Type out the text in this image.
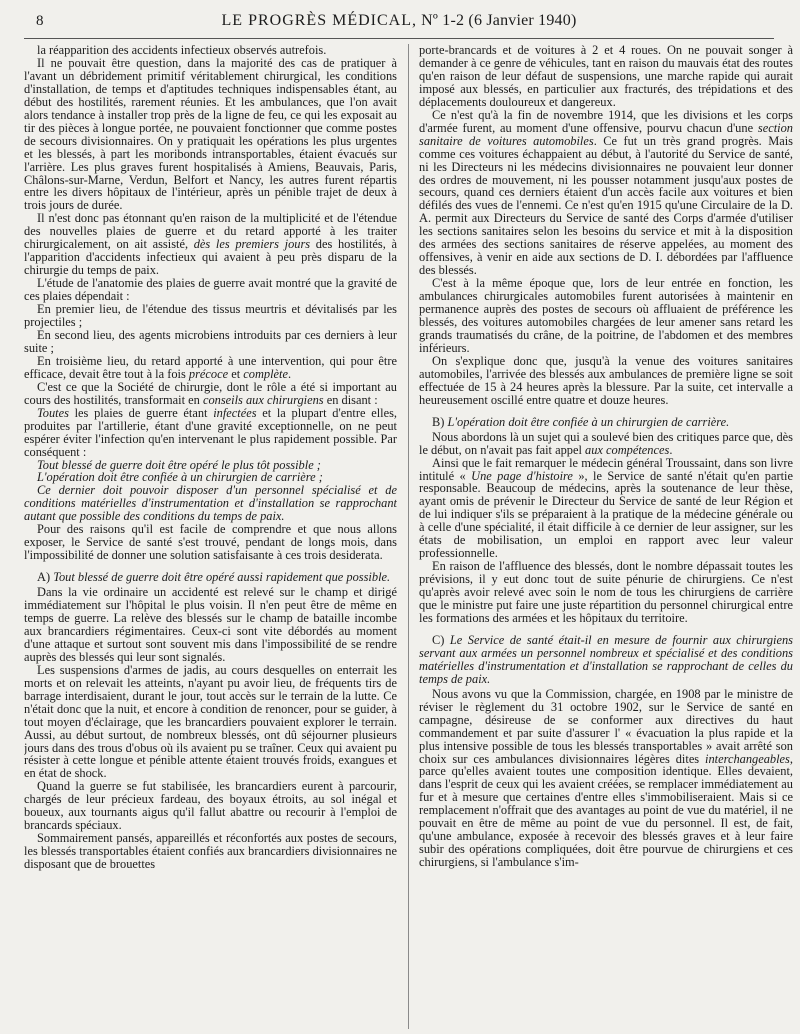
8	LE PROGRÈS MÉDICAL, Nº 1-2 (6 Janvier 1940)

la réapparition des accidents infectieux observés autrefois.

Il ne pouvait être question, dans la majorité des cas de pratiquer à l'avant un débridement primitif véritablement chirurgical, les conditions d'installation, de temps et d'aptitudes techniques indispensables étant, au début des hostilités, rarement réunies. Et les ambulances, que l'on avait alors tendance à installer trop près de la ligne de feu, ce qui les exposait au tir des pièces à longue portée, ne pouvaient fonctionner que comme postes de secours divisionnaires. On y pratiquait les opérations les plus urgentes et les blessés, à part les moribonds intransportables, étaient évacués sur l'arrière. Les plus graves furent hospitalisés à Amiens, Beauvais, Paris, Châlons-sur-Marne, Verdun, Belfort et Nancy, les autres furent répartis entre les divers hôpitaux de l'intérieur, après un pénible trajet de deux à trois jours de durée.

Il n'est donc pas étonnant qu'en raison de la multiplicité et de l'étendue des nouvelles plaies de guerre et du retard apporté à les traiter chirurgicalement, on ait assisté, dès les premiers jours des hostilités, à l'apparition d'accidents infectieux qui avaient à peu près disparu de la chirurgie du temps de paix.

L'étude de l'anatomie des plaies de guerre avait montré que la gravité de ces plaies dépendait :

En premier lieu, de l'étendue des tissus meurtris et dévitalisés par les projectiles ;

En second lieu, des agents microbiens introduits par ces derniers à leur suite ;

En troisième lieu, du retard apporté à une intervention, qui pour être efficace, devait être tout à la fois précoce et complète.

C'est ce que la Société de chirurgie, dont le rôle a été si important au cours des hostilités, transformait en conseils aux chirurgiens en disant :

Toutes les plaies de guerre étant infectées et la plupart d'entre elles, produites par l'artillerie, étant d'une gravité exceptionnelle, on ne peut espérer éviter l'infection qu'en intervenant le plus rapidement possible. Par conséquent :

Tout blessé de guerre doit être opéré le plus tôt possible ;

L'opération doit être confiée à un chirurgien de carrière ;

Ce dernier doit pouvoir disposer d'un personnel spécialisé et de conditions matérielles d'instrumentation et d'installation se rapprochant autant que possible des conditions du temps de paix.

Pour des raisons qu'il est facile de comprendre et que nous allons exposer, le Service de santé s'est trouvé, pendant de longs mois, dans l'impossibilité de donner une solution satisfaisante à ces trois desiderata.

A) Tout blessé de guerre doit être opéré aussi rapidement que possible.

Dans la vie ordinaire un accidenté est relevé sur le champ et dirigé immédiatement sur l'hôpital le plus voisin. Il n'en peut être de même en temps de guerre. La relève des blessés sur le champ de bataille incombe aux brancardiers régimentaires. Ceux-ci sont vite débordés au moment d'une attaque et surtout sont souvent mis dans l'impossibilité de se rendre auprès des blessés qui leur sont signalés.

Les suspensions d'armes de jadis, au cours desquelles on enterrait les morts et on relevait les atteints, n'ayant pu avoir lieu, de fréquents tirs de barrage interdisaient, durant le jour, tout accès sur le terrain de la lutte. Ce n'était donc que la nuit, et encore à condition de renoncer, pour se guider, à tout moyen d'éclairage, que les brancardiers pouvaient explorer le terrain. Aussi, au début surtout, de nombreux blessés, ont dû séjourner plusieurs jours dans des trous d'obus où ils avaient pu se traîner. Ceux qui avaient pu résister à cette longue et pénible attente étaient trouvés froids, exangues et en état de shock.

Quand la guerre se fut stabilisée, les brancardiers eurent à parcourir, chargés de leur précieux fardeau, des boyaux étroits, au sol inégal et boueux, aux tournants aigus qu'il fallut abattre ou recourir à l'emploi de brancards spéciaux.

Sommairement pansés, appareillés et réconfortés aux postes de secours, les blessés transportables étaient confiés aux brancardiers divisionnaires ne disposant que de brouettes

porte-brancards et de voitures à 2 et 4 roues. On ne pouvait songer à demander à ce genre de véhicules, tant en raison du mauvais état des routes qu'en raison de leur défaut de suspensions, une marche rapide qui aurait imposé aux blessés, en particulier aux fracturés, des trépidations et des déplacements douloureux et dangereux.

Ce n'est qu'à la fin de novembre 1914, que les divisions et les corps d'armée furent, au moment d'une offensive, pourvu chacun d'une section sanitaire de voitures automobiles. Ce fut un très grand progrès. Mais comme ces voitures échappaient au début, à l'autorité du Service de santé, ni les Directeurs ni les médecins divisionnaires ne pouvaient leur donner des ordres de mouvement, ni les pousser notamment jusqu'aux postes de secours, quand ces derniers étaient d'un accès facile aux voitures et bien défilés des vues de l'ennemi. Ce n'est qu'en 1915 qu'une Circulaire de la D. A. permit aux Directeurs du Service de santé des Corps d'armée d'utiliser les sections sanitaires selon les besoins du service et mit à la disposition des armées des sections sanitaires de réserve appelées, au moment des offensives, à venir en aide aux sections de D. I. débordées par l'affluence des blessés.

C'est à la même époque que, lors de leur entrée en fonction, les ambulances chirurgicales automobiles furent autorisées à maintenir en permanence auprès des postes de secours où affluaient de préférence les blessés, des voitures automobiles chargées de leur amener sans retard les grands traumatisés du crâne, de la poitrine, de l'abdomen et des membres inférieurs.

On s'explique donc que, jusqu'à la venue des voitures sanitaires automobiles, l'arrivée des blessés aux ambulances de première ligne se soit effectuée de 15 à 24 heures après la blessure. Par la suite, cet intervalle a heureusement oscillé entre quatre et douze heures.

B) L'opération doit être confiée à un chirurgien de carrière.

Nous abordons là un sujet qui a soulevé bien des critiques parce que, dès le début, on n'avait pas fait appel aux compétences.

Ainsi que le fait remarquer le médecin général Troussaint, dans son livre intitulé « Une page d'histoire », le Service de santé n'était qu'en partie responsable. Beaucoup de médecins, après la soutenance de leur thèse, ayant omis de prévenir le Directeur du Service de santé de leur Région et de lui indiquer s'ils se préparaient à la pratique de la médecine générale ou à celle d'une spécialité, il était difficile à ce dernier de leur assigner, sur les états de mobilisation, un emploi en rapport avec leur valeur professionnelle.

En raison de l'affluence des blessés, dont le nombre dépassait toutes les prévisions, il y eut donc tout de suite pénurie de chirurgiens. Ce n'est qu'après avoir relevé avec soin le nom de tous les chirurgiens de carrière que le ministre put faire une juste répartition du personnel chirurgical entre les formations des armées et les hôpitaux du territoire.

C) Le Service de santé était-il en mesure de fournir aux chirurgiens servant aux armées un personnel nombreux et spécialisé et des conditions matérielles d'instrumentation et d'installation se rapprochant de celles du temps de paix.

Nous avons vu que la Commission, chargée, en 1908 par le ministre de réviser le règlement du 31 octobre 1902, sur le Service de santé en campagne, désireuse de se conformer aux directives du haut commandement et par suite d'assurer l' « évacuation la plus rapide et la plus intensive possible de tous les blessés transportables » avait arrêté son choix sur ces ambulances divisionnaires légères dites interchangeables, parce qu'elles avaient toutes une composition identique. Elles devaient, dans l'esprit de ceux qui les avaient créées, se remplacer immédiatement au fur et à mesure que certaines d'entre elles s'immobiliseraient. Mais si ce remplacement n'offrait que des avantages au point de vue du matériel, il ne pouvait en être de même au point de vue du personnel. Il est, de fait, qu'une ambulance, exposée à recevoir des blessés graves et à leur faire subir des opérations compliquées, doit être pourvue de chirurgiens et ces chirurgiens, si l'ambulance s'im-
